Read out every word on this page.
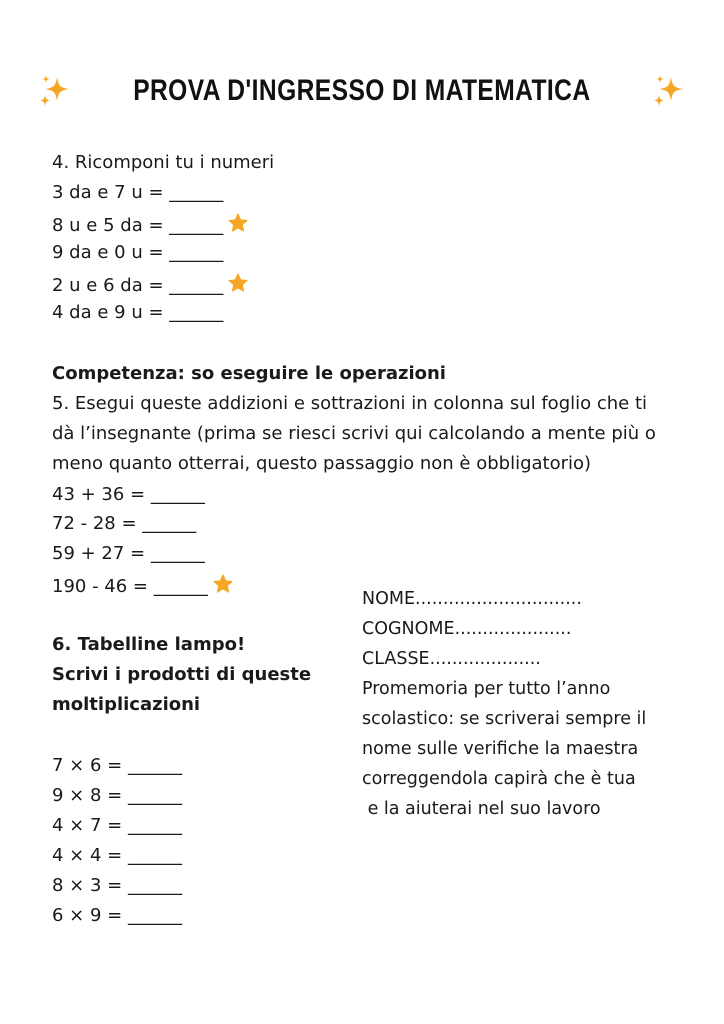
PROVA D'INGRESSO DI MATEMATICA
4. Ricomponi tu i numeri
3 da e 7 u = ______
8 u e 5 da = ______
9 da e 0 u = ______
2 u e 6 da = ______
4 da e 9 u = ______
Competenza: so eseguire le operazioni
5. Esegui queste addizioni e sottrazioni in colonna sul foglio che ti dà l’insegnante (prima se riesci scrivi qui calcolando a mente più o meno quanto otterrai, questo passaggio non è obbligatorio)
43 + 36 = ______
72 - 28 = ______
59 + 27 = ______
190 - 46 = ______
6. Tabelline lampo!
Scrivi i prodotti di queste
moltiplicazioni
7 × 6 = ______
9 × 8 = ______
4 × 7 = ______
4 × 4 = ______
8 × 3 = ______
6 × 9 = ______
NOME..............................
COGNOME.....................
CLASSE....................
Promemoria per tutto l’anno
scolastico: se scriverai sempre il
nome sulle verifiche la maestra
correggendola capirà che è tua
e la aiuterai nel suo lavoro
